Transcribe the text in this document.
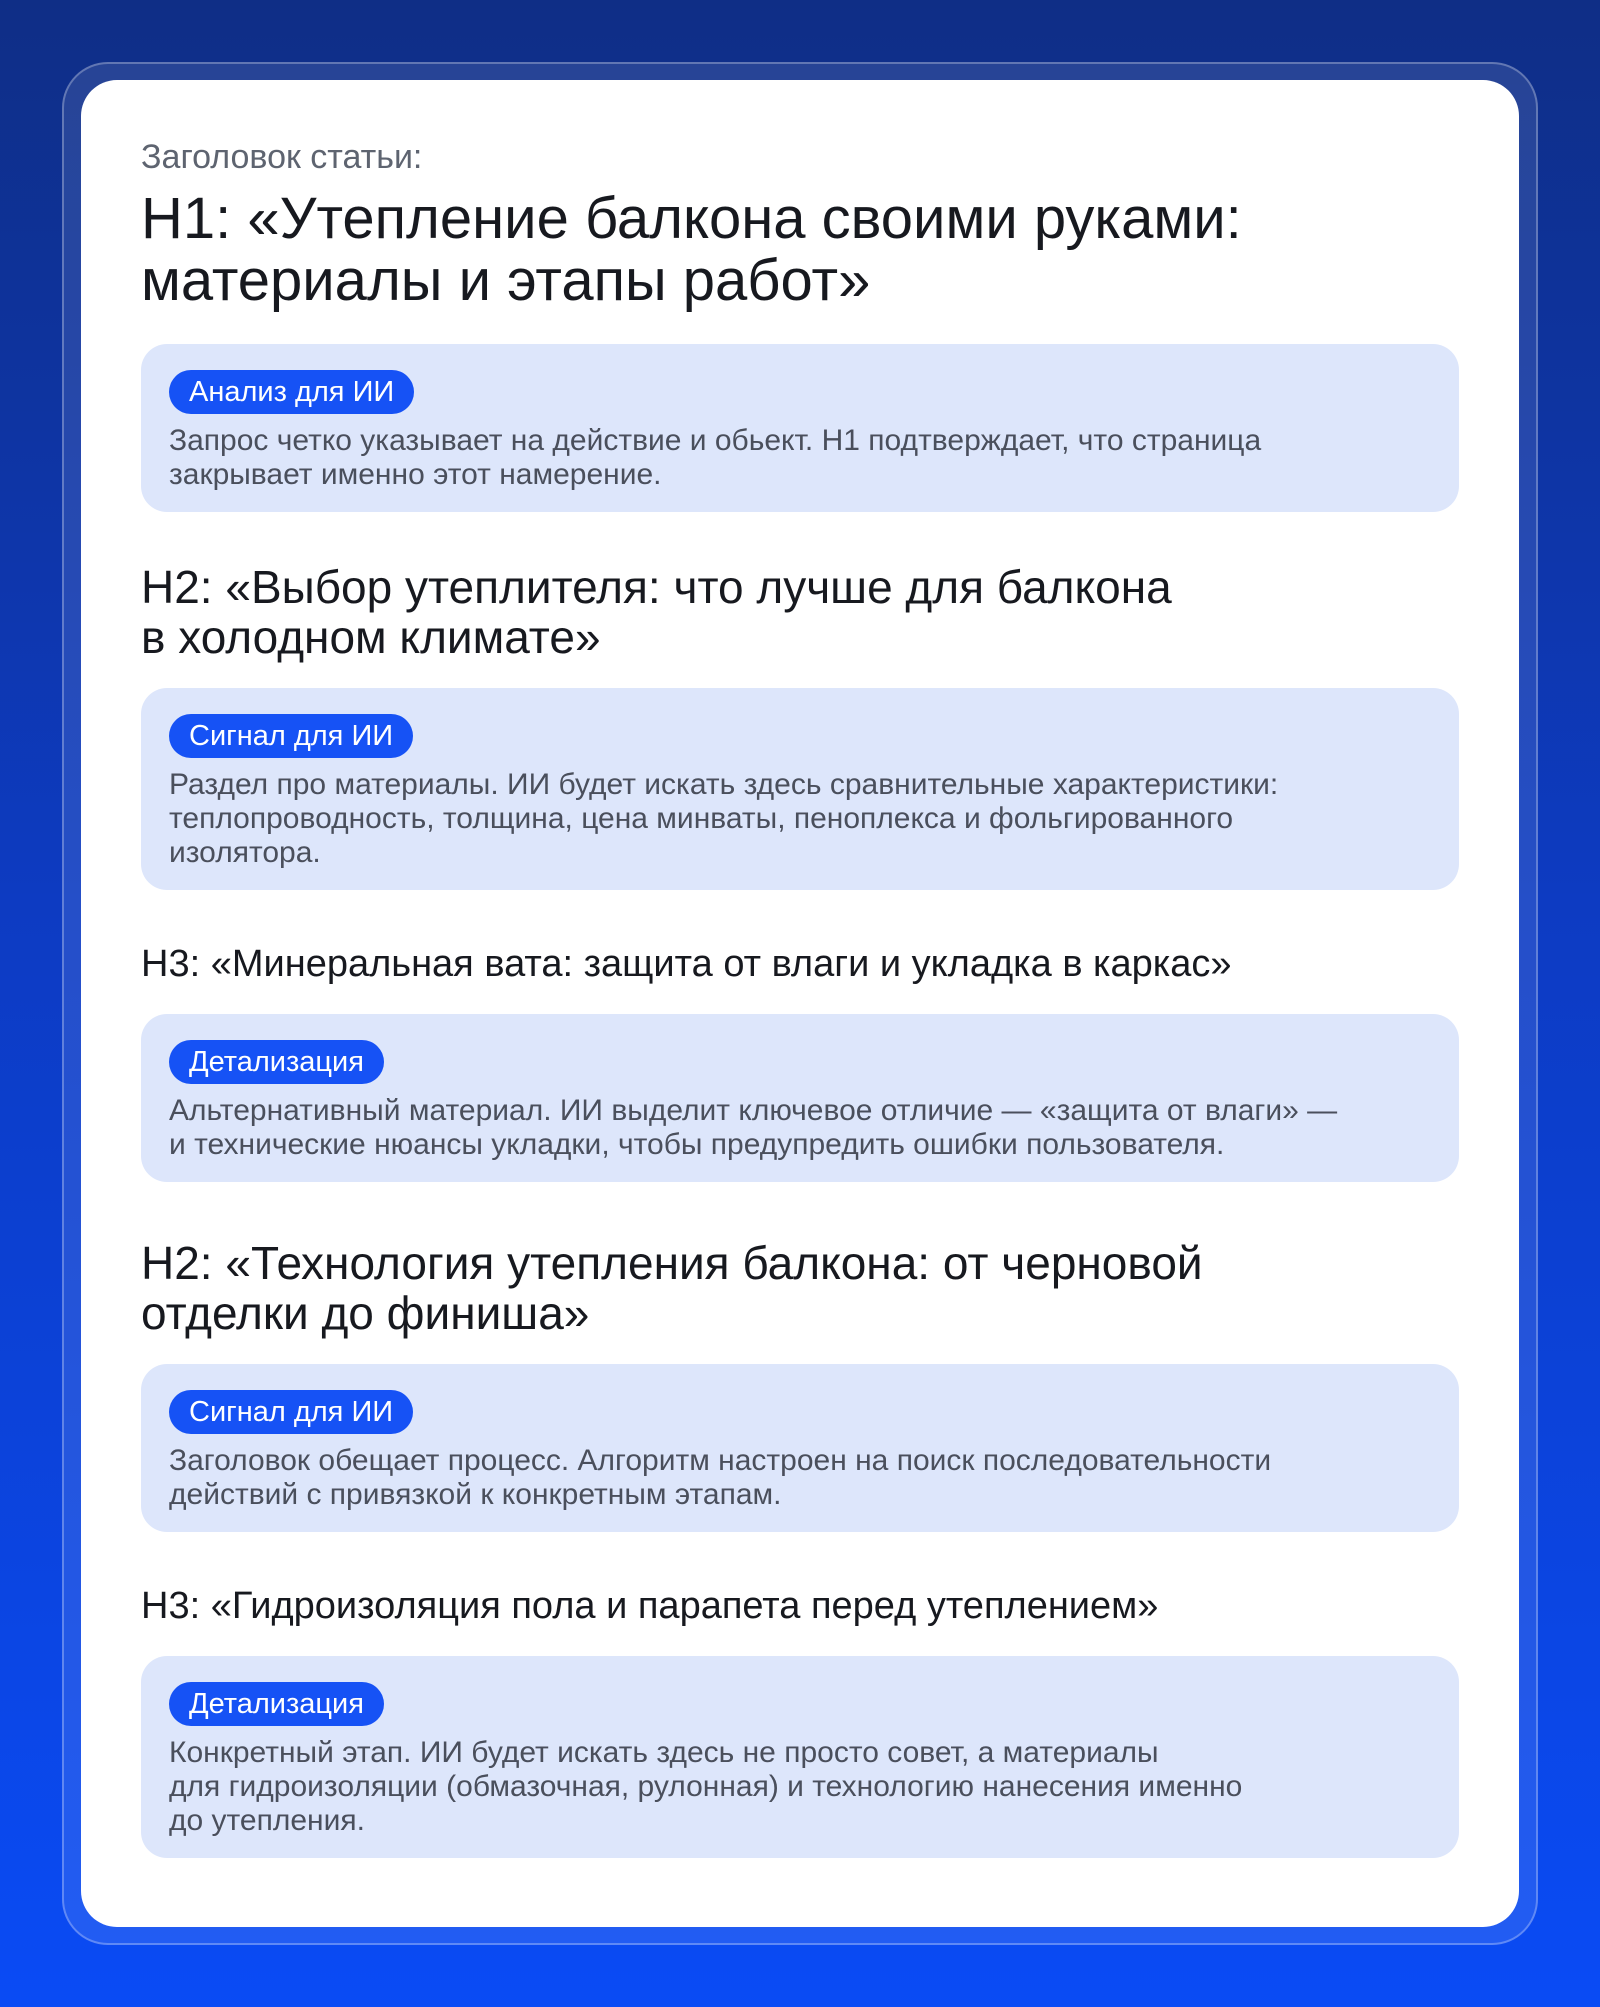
Заголовок статьи:

H1: «Утепление балкона своими руками:
материалы и этапы работ»
Анализ для ИИ

Запрос четко указывает на действие и обьект. H1 подтверждает, что страница
закрывает именно этот намерение.

H2: «Выбор утеплителя: что лучше для балкона
в холодном климате»
Сигнал для ИИ

Раздел про материалы. ИИ будет искать здесь сравнительные характеристики:
теплопроводность, толщина, цена минваты, пеноплекса и фольгированного
изолятора.

H3: «Минеральная вата: защита от влаги и укладка в каркас»
Детализация

Альтернативный материал. ИИ выделит ключевое отличие — «защита от влаги» —
и технические нюансы укладки, чтобы предупредить ошибки пользователя.

H2: «Технология утепления балкона: от черновой
отделки до финиша»
Сигнал для ИИ

Заголовок обещает процесс. Алгоритм настроен на поиск последовательности
действий с привязкой к конкретным этапам.

H3: «Гидроизоляция пола и парапета перед утеплением»
Детализация

Конкретный этап. ИИ будет искать здесь не просто совет, а материалы
для гидроизоляции (обмазочная, рулонная) и технологию нанесения именно
до утепления.
